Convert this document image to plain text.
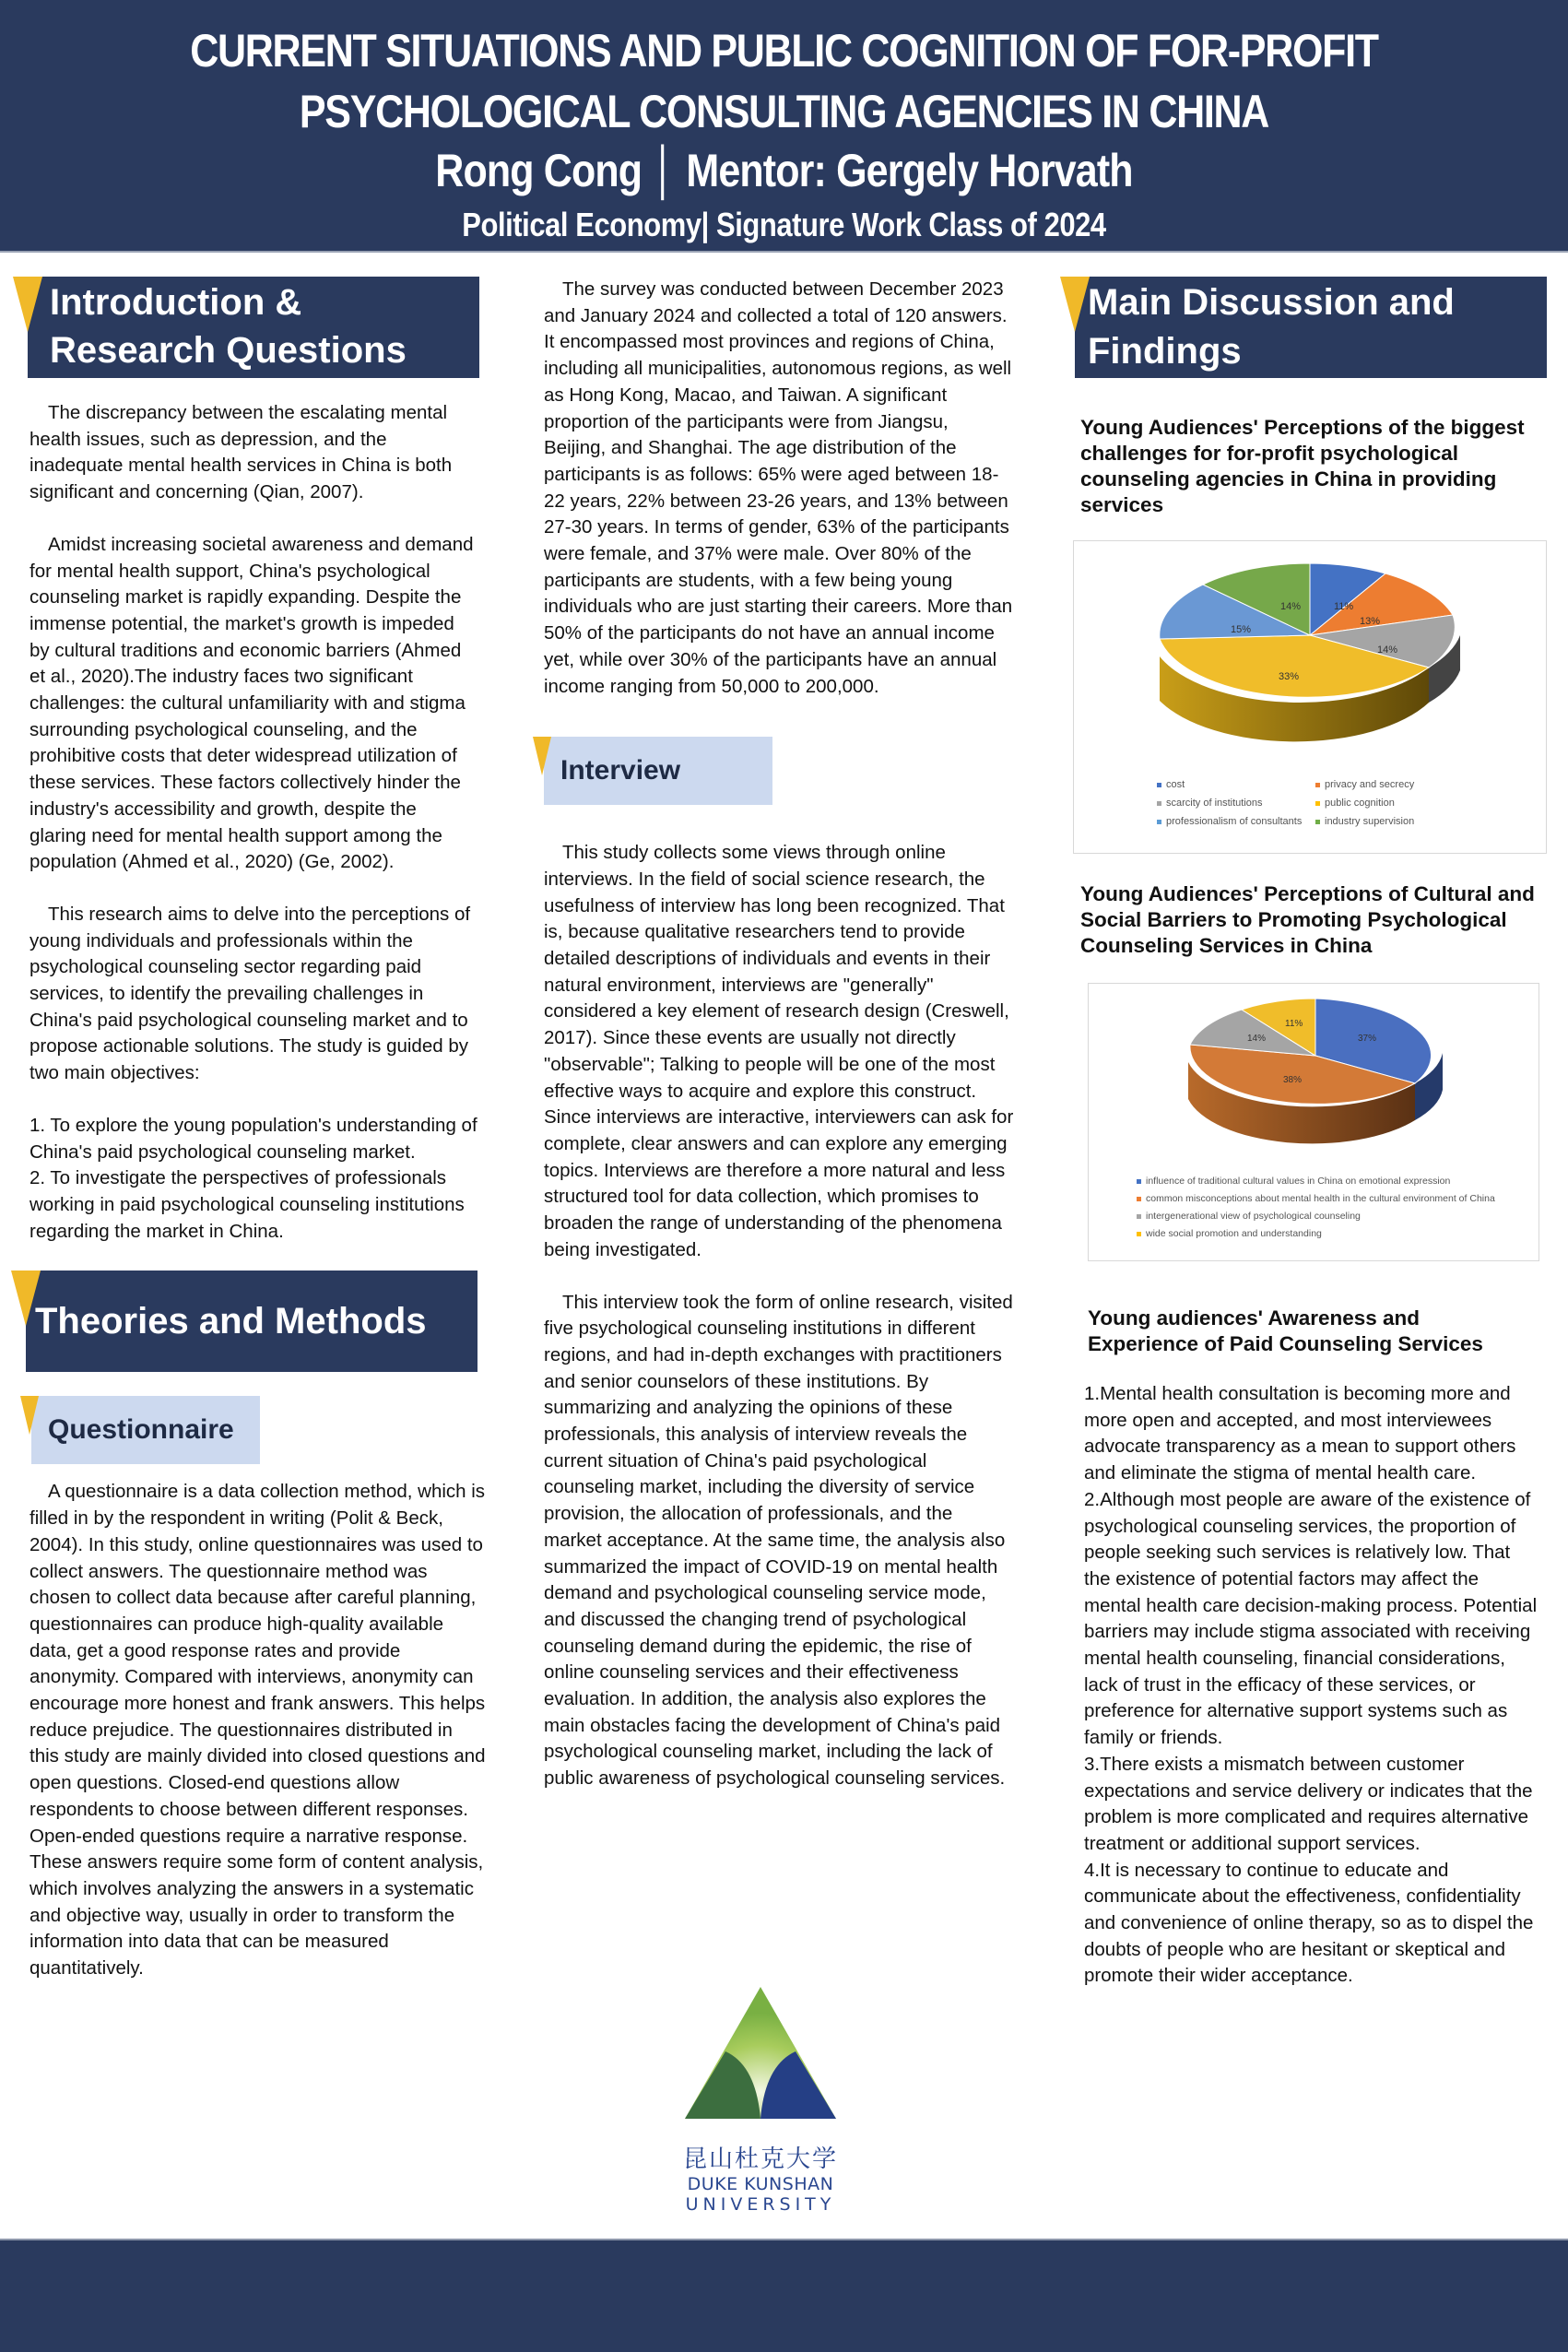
CURRENT SITUATIONS AND PUBLIC COGNITION OF FOR-PROFIT
PSYCHOLOGICAL CONSULTING AGENCIES IN CHINA
Rong Cong │ Mentor: Gergely Horvath
Political Economy| Signature Work Class of 2024
Introduction &
Research Questions

The discrepancy between the escalating mental health issues, such as depression, and the inadequate mental health services in China is both significant and concerning (Qian, 2007).

Amidst increasing societal awareness and demand for mental health support, China's psychological counseling market is rapidly expanding. Despite the immense potential, the market's growth is impeded by cultural traditions and economic barriers (Ahmed et al., 2020).The industry faces two significant challenges: the cultural unfamiliarity with and stigma surrounding psychological counseling, and the prohibitive costs that deter widespread utilization of these services. These factors collectively hinder the industry's accessibility and growth, despite the glaring need for mental health support among the population (Ahmed et al., 2020) (Ge, 2002).

This research aims to delve into the perceptions of young individuals and professionals within the psychological counseling sector regarding paid services, to identify the prevailing challenges in China's paid psychological counseling market and to propose actionable solutions. The study is guided by two main objectives:

1. To explore the young population's understanding of China's paid psychological counseling market.

2. To investigate the perspectives of professionals working in paid psychological counseling institutions regarding the market in China.

Theories and Methods
Questionnaire

A questionnaire is a data collection method, which is filled in by the respondent in writing (Polit & Beck, 2004). In this study, online questionnaires was used to collect answers. The questionnaire method was chosen to collect data because after careful planning, questionnaires can produce high-quality available data, get a good response rates and provide anonymity. Compared with interviews, anonymity can encourage more honest and frank answers. This helps reduce prejudice. The questionnaires distributed in this study are mainly divided into closed questions and open questions. Closed-end questions allow respondents to choose between different responses. Open-ended questions require a narrative response. These answers require some form of content analysis, which involves analyzing the answers in a systematic and objective way, usually in order to transform the information into data that can be measured quantitatively.

The survey was conducted between December 2023 and January 2024 and collected a total of 120 answers. It encompassed most provinces and regions of China, including all municipalities, autonomous regions, as well as Hong Kong, Macao, and Taiwan. A significant proportion of the participants were from Jiangsu, Beijing, and Shanghai. The age distribution of the participants is as follows: 65% were aged between 18-22 years, 22% between 23-26 years, and 13% between 27-30 years. In terms of gender, 63% of the participants were female, and 37% were male. Over 80% of the participants are students, with a few being young individuals who are just starting their careers. More than 50% of the participants do not have an annual income yet, while over 30% of the participants have an annual income ranging from 50,000 to 200,000.

Interview

This study collects some views through online interviews. In the field of social science research, the usefulness of interview has long been recognized. That is, because qualitative researchers tend to provide detailed descriptions of individuals and events in their natural environment, interviews are "generally" considered a key element of research design (Creswell, 2017). Since these events are usually not directly "observable"; Talking to people will be one of the most effective ways to acquire and explore this construct. Since interviews are interactive, interviewers can ask for complete, clear answers and can explore any emerging topics. Interviews are therefore a more natural and less structured tool for data collection, which promises to broaden the range of understanding of the phenomena being investigated.

This interview took the form of online research, visited five psychological counseling institutions in different regions, and had in-depth exchanges with practitioners and senior counselors of these institutions. By summarizing and analyzing the opinions of these professionals, this analysis of interview reveals the current situation of China's paid psychological counseling market, including the diversity of service provision, the allocation of professionals, and the market acceptance. At the same time, the analysis also summarized the impact of COVID-19 on mental health demand and psychological counseling service mode, and discussed the changing trend of psychological counseling demand during the epidemic, the rise of online counseling services and their effectiveness evaluation. In addition, the analysis also explores the main obstacles facing the development of China's paid psychological counseling market, including the lack of public awareness of psychological counseling services.

昆山杜克大学
DUKE KUNSHAN
UNIVERSITY
Main Discussion and
Findings
Young Audiences' Perceptions of the biggest challenges for for-profit psychological counseling agencies in China in providing services
11%
13%
14%
33%
15%
14%
cost	privacy and secrecy
scarcity of institutions	public cognition
professionalism of consultants industry supervision
Young Audiences' Perceptions of Cultural and Social Barriers to Promoting Psychological Counseling Services in China
37%
38%
14%
11%
influence of traditional cultural values in China on emotional expression
common misconceptions about mental health in the cultural environment of China
intergenerational view of psychological counseling
wide social promotion and understanding
Young audiences' Awareness and Experience of Paid Counseling Services

1.Mental health consultation is becoming more and more open and accepted, and most interviewees advocate transparency as a mean to support others and eliminate the stigma of mental health care.

2.Although most people are aware of the existence of psychological counseling services, the proportion of people seeking such services is relatively low. That the existence of potential factors may affect the mental health care decision-making process. Potential barriers may include stigma associated with receiving mental health counseling, financial considerations, lack of trust in the efficacy of these services, or preference for alternative support systems such as family or friends.

3.There exists a mismatch between customer expectations and service delivery or indicates that the problem is more complicated and requires alternative treatment or additional support services.

4.It is necessary to continue to educate and communicate about the effectiveness, confidentiality and convenience of online therapy, so as to dispel the doubts of people who are hesitant or skeptical and promote their wider acceptance.
